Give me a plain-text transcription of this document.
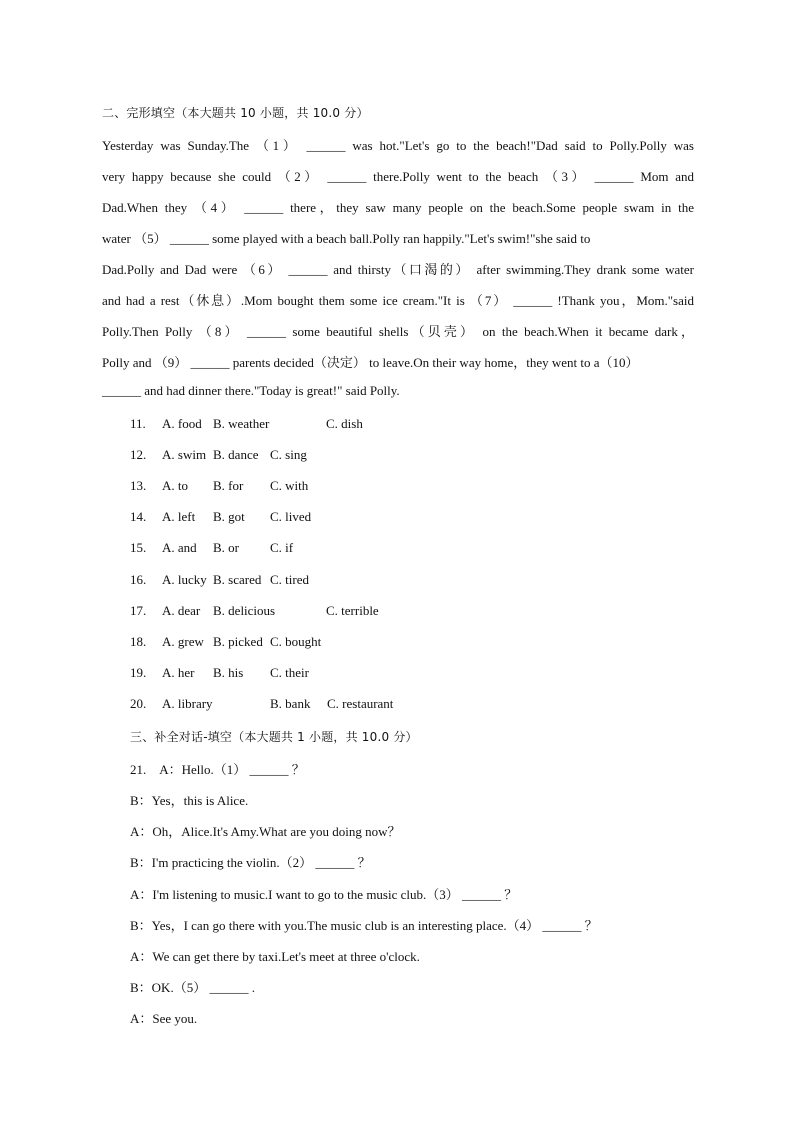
二、完形填空（本大题共 10 小题，共 10.0 分）
Yesterday was Sunday.The （1） ______ was hot."Let's go to the beach!"Dad said to Polly.Polly was
very happy because she could （2） ______ there.Polly went to the beach （3） ______ Mom and
Dad.When they （4） ______ there，they saw many people on the beach.Some people swam in the
water （5） ______ some played with a beach ball.Polly ran happily."Let's swim!"she said to
Dad.Polly and Dad were （6） ______ and thirsty（口渴的） after swimming.They drank some water
and had a rest（休息）.Mom bought them some ice cream."It is （7） ______ !Thank you，Mom."said
Polly.Then Polly （8） ______ some beautiful shells（贝壳） on the beach.When it became dark，
Polly and （9） ______ parents decided（决定） to leave.On their way home，they went to a（10）
______ and had dinner there."Today is great!" said Polly.
11. A. food B. weather	C. dish
12. A. swim B. dance C. sing
13. A. to B. for C. with
14. A. left B. got C. lived
15. A. and B. or C. if
16. A. lucky B. scared C. tired
17. A. dear B. delicious	C. terrible
18. A. grew B. picked C. bought
19. A. her B. his C. their
20. A. library	B. bank C. restaurant
三、补全对话-填空（本大题共 1 小题，共 10.0 分）
21.　A：Hello.（1） ______ ？
B：Yes，this is Alice.
A：Oh，Alice.It's Amy.What are you doing now？
B：I'm practicing the violin.（2） ______ ？
A：I'm listening to music.I want to go to the music club.（3） ______ ？
B：Yes，I can go there with you.The music club is an interesting place.（4） ______ ？
A：We can get there by taxi.Let's meet at three o'clock.
B：OK.（5） ______ .
A：See you.
